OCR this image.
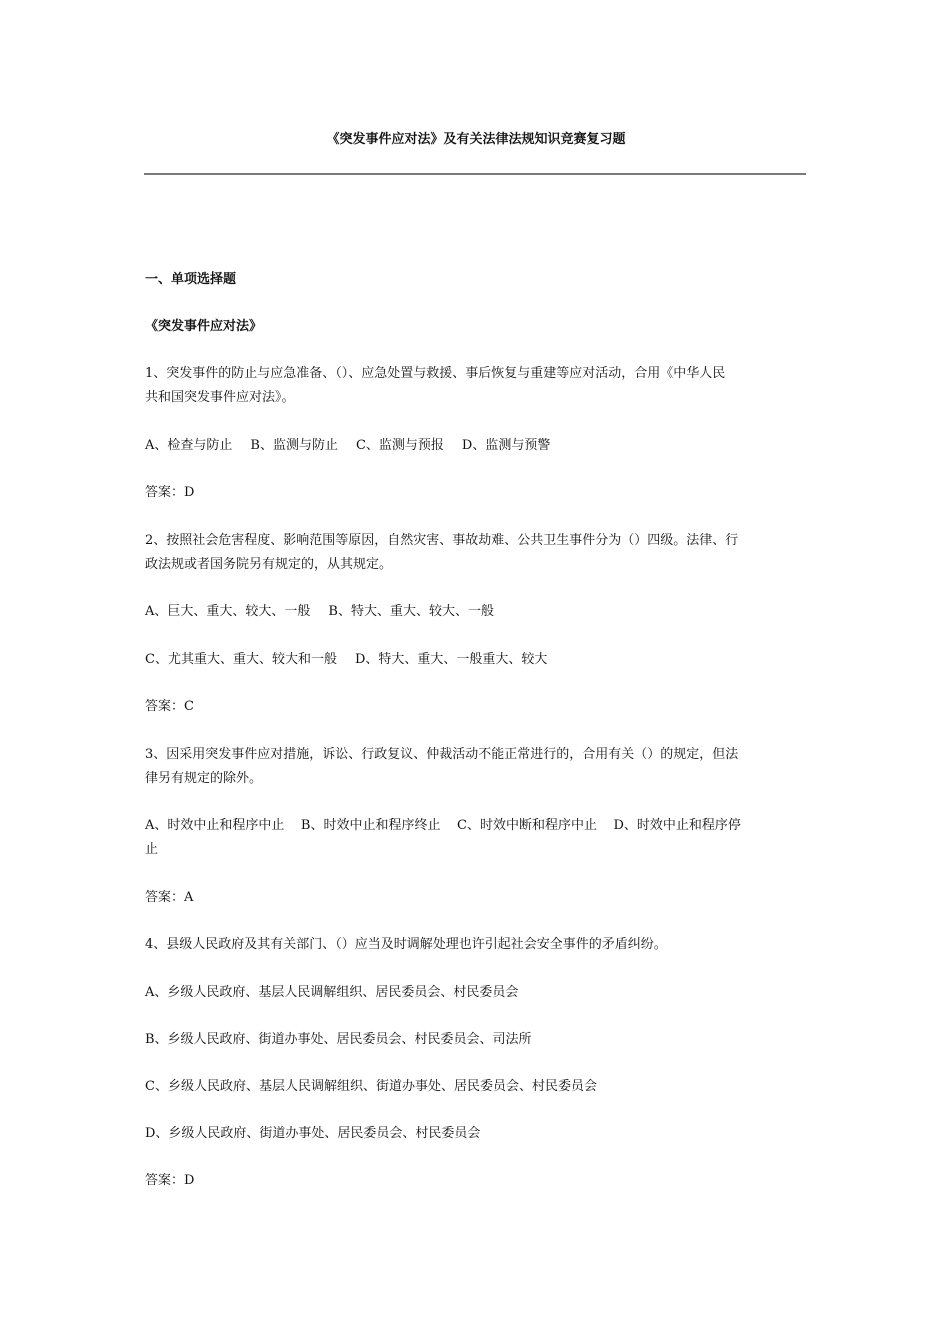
《突发事件应对法》及有关法律法规知识竞赛复习题
一、单项选择题
《突发事件应对法》
1、突发事件的防止与应急准备、（）、应急处置与救援、事后恢复与重建等应对活动，合用《中华人民
共和国突发事件应对法》。
A、检查与防止 B、监测与防止 C、监测与预报 D、监测与预警
答案：D
2、按照社会危害程度、影响范围等原因，自然灾害、事故劫难、公共卫生事件分为（）四级。法律、行
政法规或者国务院另有规定的，从其规定。
A、巨大、重大、较大、一般 B、特大、重大、较大、一般
C、尤其重大、重大、较大和一般 D、特大、重大、一般重大、较大
答案：C
3、因采用突发事件应对措施，诉讼、行政复议、仲裁活动不能正常进行的，合用有关（）的规定，但法
律另有规定的除外。
A、时效中止和程序中止    B、时效中止和程序终止    C、时效中断和程序中止    D、时效中止和程序停
止
答案：A
4、县级人民政府及其有关部门、（）应当及时调解处理也许引起社会安全事件的矛盾纠纷。
A、乡级人民政府、基层人民调解组织、居民委员会、村民委员会
B、乡级人民政府、街道办事处、居民委员会、村民委员会、司法所
C、乡级人民政府、基层人民调解组织、街道办事处、居民委员会、村民委员会
D、乡级人民政府、街道办事处、居民委员会、村民委员会
答案：D
